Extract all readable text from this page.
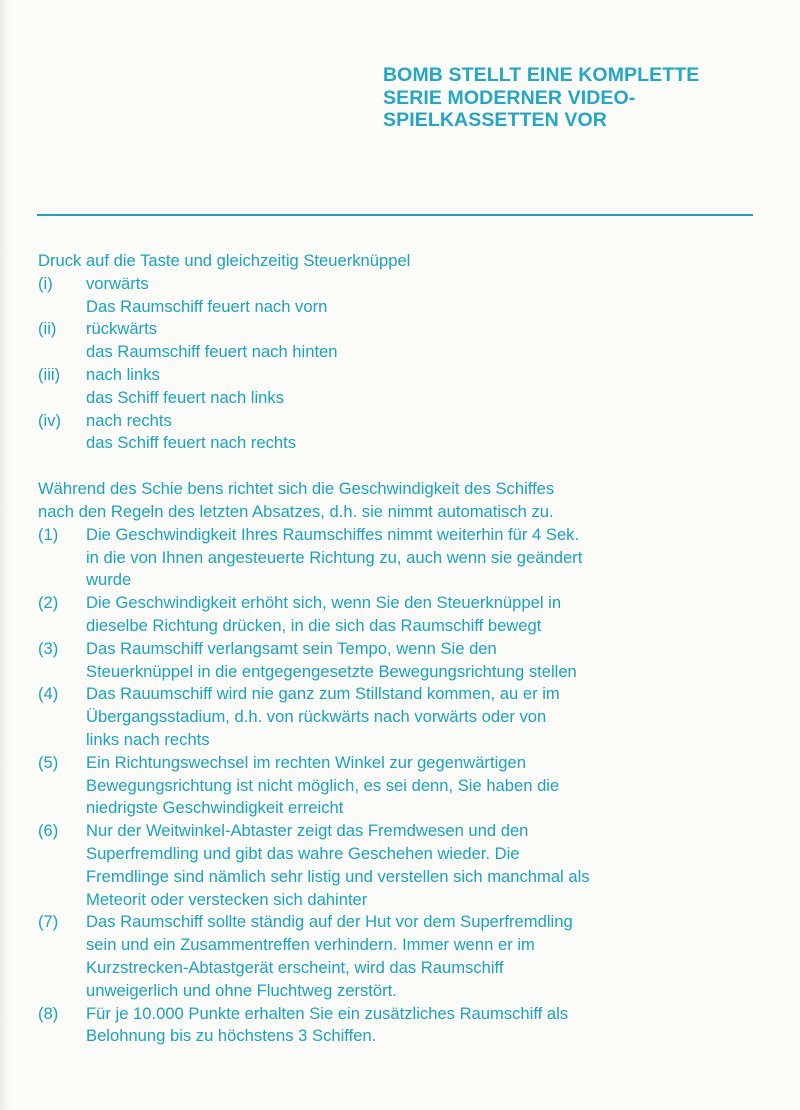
BOMB STELLT EINE KOMPLETTE
SERIE MODERNER VIDEO-
SPIELKASSETTEN VOR
Druck auf die Taste und gleichzeitig Steuerknüppel
(i)	vorwärts
Das Raumschiff feuert nach vorn
(ii)	rückwärts
das Raumschiff feuert nach hinten
(iii)	nach links
das Schiff feuert nach links
(iv)	nach rechts
das Schiff feuert nach rechts
Während des Schie bens richtet sich die Geschwindigkeit des Schiffes
nach den Regeln des letzten Absatzes, d.h. sie nimmt automatisch zu.
(1)	Die Geschwindigkeit Ihres Raumschiffes nimmt weiterhin für 4 Sek.
in die von Ihnen angesteuerte Richtung zu, auch wenn sie geändert
wurde
(2)	Die Geschwindigkeit erhöht sich, wenn Sie den Steuerknüppel in
dieselbe Richtung drücken, in die sich das Raumschiff bewegt
(3)	Das Raumschiff verlangsamt sein Tempo, wenn Sie den
Steuerknüppel in die entgegengesetzte Bewegungsrichtung stellen
(4)	Das Rauumschiff wird nie ganz zum Stillstand kommen, au er im
Übergangsstadium, d.h. von rückwärts nach vorwärts oder von
links nach rechts
(5)	Ein Richtungswechsel im rechten Winkel zur gegenwärtigen
Bewegungsrichtung ist nicht möglich, es sei denn, Sie haben die
niedrigste Geschwindigkeit erreicht
(6)	Nur der Weitwinkel-Abtaster zeigt das Fremdwesen und den
Superfremdling und gibt das wahre Geschehen wieder. Die
Fremdlinge sind nämlich sehr listig und verstellen sich manchmal als
Meteorit oder verstecken sich dahinter
(7)	Das Raumschiff sollte ständig auf der Hut vor dem Superfremdling
sein und ein Zusammentreffen verhindern. Immer wenn er im
Kurzstrecken-Abtastgerät erscheint, wird das Raumschiff
unweigerlich und ohne Fluchtweg zerstört.
(8)	Für je 10.000 Punkte erhalten Sie ein zusätzliches Raumschiff als
Belohnung bis zu höchstens 3 Schiffen.
